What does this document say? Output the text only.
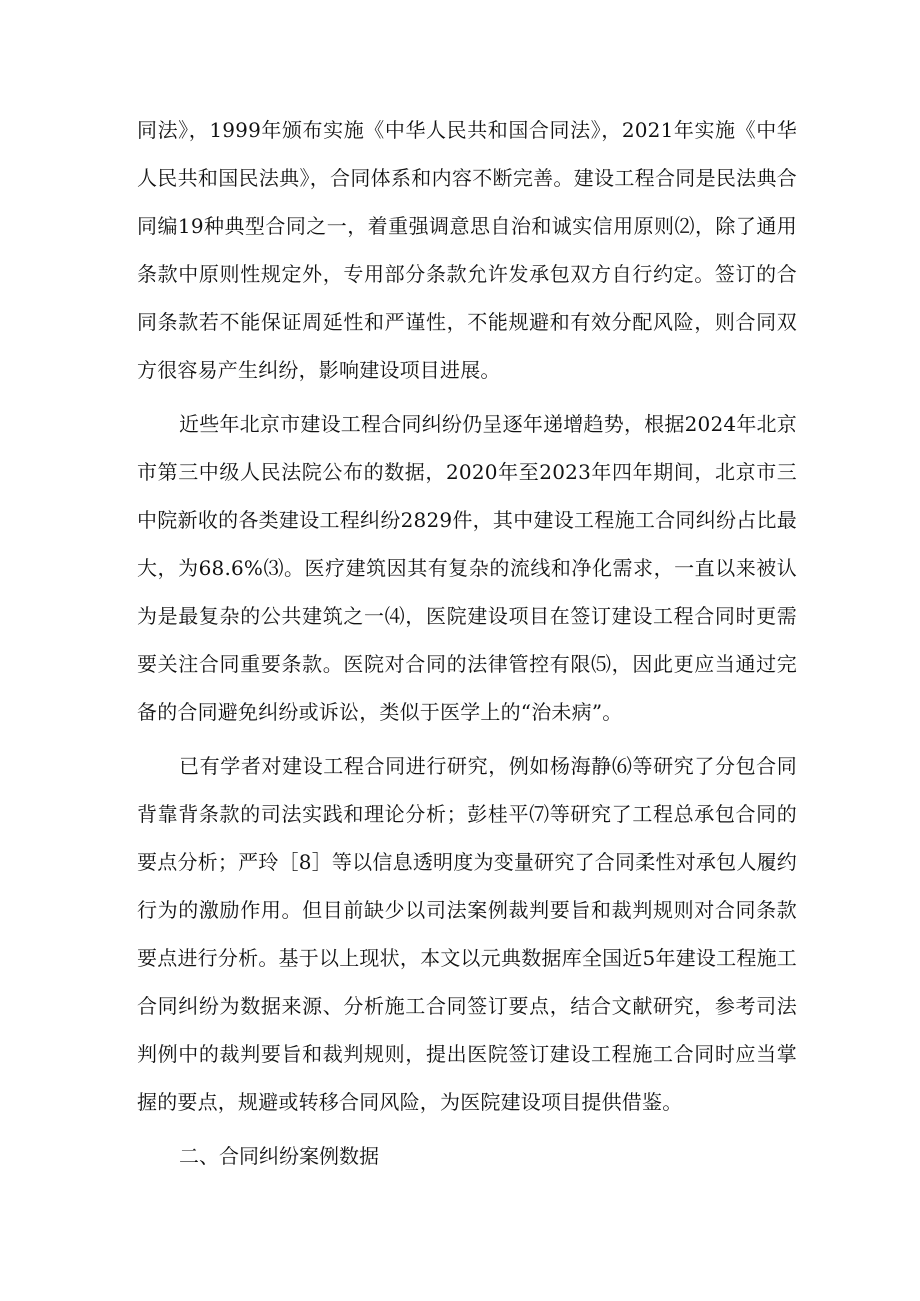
同法》，1999年颁布实施《中华人民共和国合同法》，2021年实施《中华人民共和国民法典》，合同体系和内容不断完善。建设工程合同是民法典合同编19种典型合同之一，着重强调意思自治和诚实信用原则⑵，除了通用条款中原则性规定外，专用部分条款允许发承包双方自行约定。签订的合同条款若不能保证周延性和严谨性，不能规避和有效分配风险，则合同双方很容易产生纠纷，影响建设项目进展。

近些年北京市建设工程合同纠纷仍呈逐年递增趋势，根据2024年北京市第三中级人民法院公布的数据，2020年至2023年四年期间，北京市三中院新收的各类建设工程纠纷2829件，其中建设工程施工合同纠纷占比最大，为68.6%⑶。医疗建筑因其有复杂的流线和净化需求，一直以来被认为是最复杂的公共建筑之一⑷，医院建设项目在签订建设工程合同时更需要关注合同重要条款。医院对合同的法律管控有限⑸，因此更应当通过完备的合同避免纠纷或诉讼，类似于医学上的“治未病”。

已有学者对建设工程合同进行研究，例如杨海静⑹等研究了分包合同背靠背条款的司法实践和理论分析；彭桂平⑺等研究了工程总承包合同的要点分析；严玲［8］等以信息透明度为变量研究了合同柔性对承包人履约行为的激励作用。但目前缺少以司法案例裁判要旨和裁判规则对合同条款要点进行分析。基于以上现状，本文以元典数据库全国近5年建设工程施工合同纠纷为数据来源、分析施工合同签订要点，结合文献研究，参考司法判例中的裁判要旨和裁判规则，提出医院签订建设工程施工合同时应当掌握的要点，规避或转移合同风险，为医院建设项目提供借鉴。

二、合同纠纷案例数据
